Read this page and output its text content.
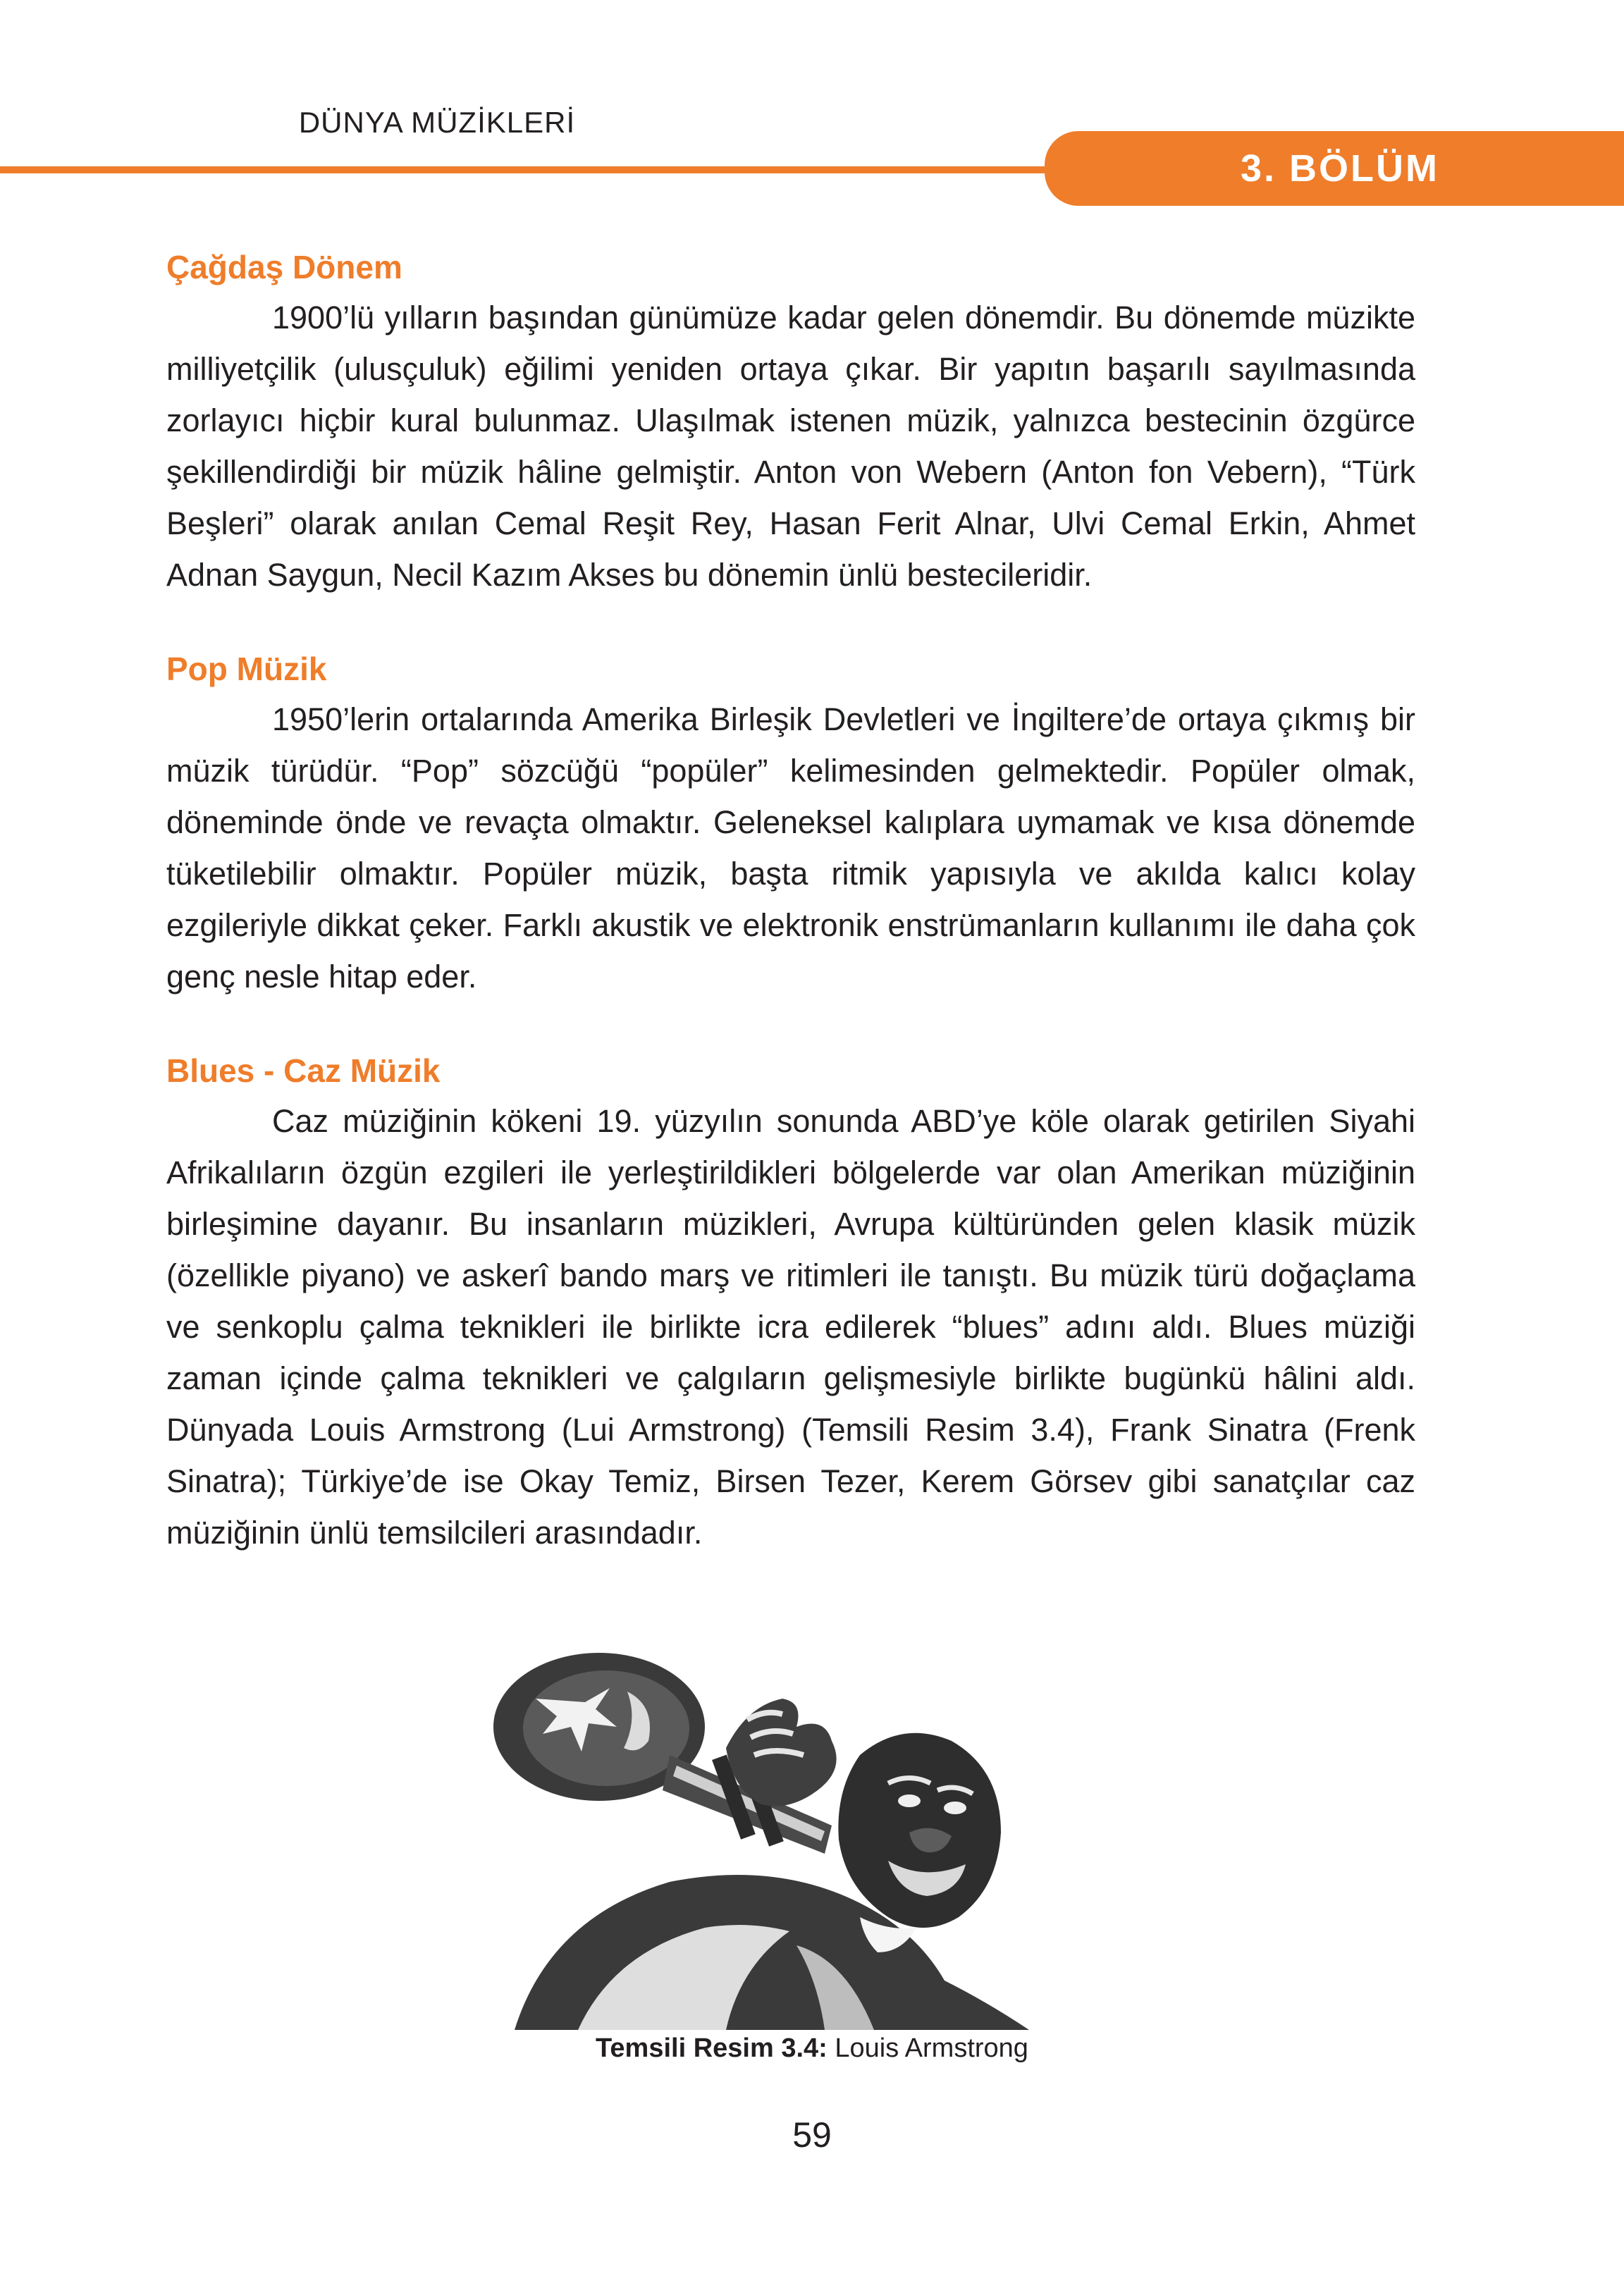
DÜNYA MÜZİKLERİ
3. BÖLÜM
Çağdaş Dönem

1900’lü yılların başından günümüze kadar gelen dönemdir. Bu dönemde müzikte milliyetçilik (ulusçuluk) eğilimi yeniden ortaya çıkar. Bir yapıtın başarılı sayılmasında zorlayıcı hiçbir kural bulunmaz. Ulaşılmak istenen müzik, yalnızca bestecinin özgürce şekillendirdiği bir müzik hâline gelmiştir. Anton von Webern (Anton fon Vebern), “Türk Beşleri” olarak anılan Cemal Reşit Rey, Hasan Ferit Alnar, Ulvi Cemal Erkin, Ahmet Adnan Saygun, Necil Kazım Akses bu dönemin ünlü bestecileridir.

Pop Müzik

1950’lerin ortalarında Amerika Birleşik Devletleri ve İngiltere’de ortaya çıkmış bir müzik türüdür. “Pop” sözcüğü “popüler” kelimesinden gelmektedir. Popüler olmak, döneminde önde ve revaçta olmaktır. Geleneksel kalıplara uymamak ve kısa dönemde tüketilebilir olmaktır. Popüler müzik, başta ritmik yapısıyla ve akılda kalıcı kolay ezgileriyle dikkat çeker. Farklı akustik ve elektronik enstrümanların kullanımı ile daha çok genç nesle hitap eder.

Blues - Caz Müzik

Caz müziğinin kökeni 19. yüzyılın sonunda ABD’ye köle olarak getirilen Siyahi Afrikalıların özgün ezgileri ile yerleştirildikleri bölgelerde var olan Amerikan müziğinin birleşimine dayanır. Bu insanların müzikleri, Avrupa kültüründen gelen klasik müzik (özellikle piyano) ve askerî bando marş ve ritimleri ile tanıştı. Bu müzik türü doğaçlama ve senkoplu çalma teknikleri ile birlikte icra edilerek “blues” adını aldı. Blues müziği zaman içinde çalma teknikleri ve çalgıların gelişmesiyle birlikte bugünkü hâlini aldı. Dünyada Louis Armstrong (Lui Armstrong) (Temsili Resim 3.4), Frank Sinatra (Frenk Sinatra); Türkiye’de ise Okay Temiz, Birsen Tezer, Kerem Görsev gibi sanatçılar caz müziğinin ünlü temsilcileri arasındadır.

Temsili Resim 3.4: Louis Armstrong
59
